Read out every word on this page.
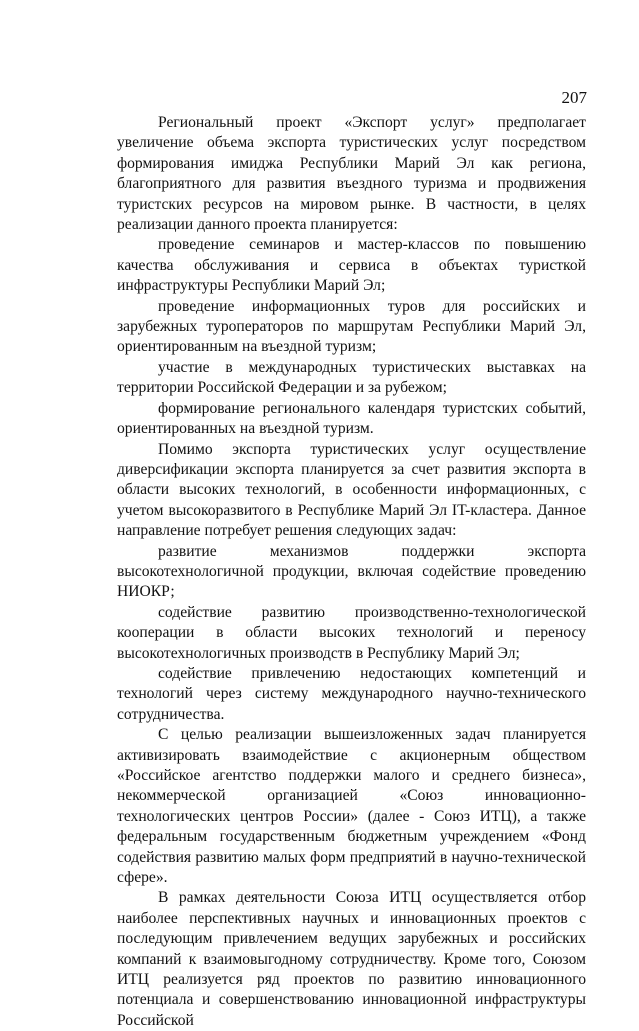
207

Региональный проект «Экспорт услуг» предполагает увеличение объема экспорта туристических услуг посредством формирования имиджа Республики Марий Эл как региона, благоприятного для развития въездного туризма и продвижения туристских ресурсов на мировом рынке. В частности, в целях реализации данного проекта планируется:

проведение семинаров и мастер-классов по повышению качества обслуживания и сервиса в объектах туристкой инфраструктуры Республики Марий Эл;

проведение информационных туров для российских и зарубежных туроператоров по маршрутам Республики Марий Эл, ориентированным на въездной туризм;

участие в международных туристических выставках на территории Российской Федерации и за рубежом;

формирование регионального календаря туристских событий, ориентированных на въездной туризм.

Помимо экспорта туристических услуг осуществление диверсификации экспорта планируется за счет развития экспорта в области высоких технологий, в особенности информационных, с учетом высокоразвитого в Республике Марий Эл IT-кластера. Данное направление потребует решения следующих задач:

развитие механизмов поддержки экспорта высокотехнологичной продукции, включая содействие проведению НИОКР;

содействие развитию производственно-технологической кооперации в области высоких технологий и переносу высокотехнологичных производств в Республику Марий Эл;

содействие привлечению недостающих компетенций и технологий через систему международного научно-технического сотрудничества.

С целью реализации вышеизложенных задач планируется активизировать взаимодействие с акционерным обществом «Российское агентство поддержки малого и среднего бизнеса», некоммерческой организацией «Союз инновационно-технологических центров России» (далее - Союз ИТЦ), а также федеральным государственным бюджетным учреждением «Фонд содействия развитию малых форм предприятий в научно-технической сфере».

В рамках деятельности Союза ИТЦ осуществляется отбор наиболее перспективных научных и инновационных проектов с последующим привлечением ведущих зарубежных и российских компаний к взаимовыгодному сотрудничеству. Кроме того, Союзом ИТЦ реализуется ряд проектов по развитию инновационного потенциала и совершенствованию инновационной инфраструктуры Российской
